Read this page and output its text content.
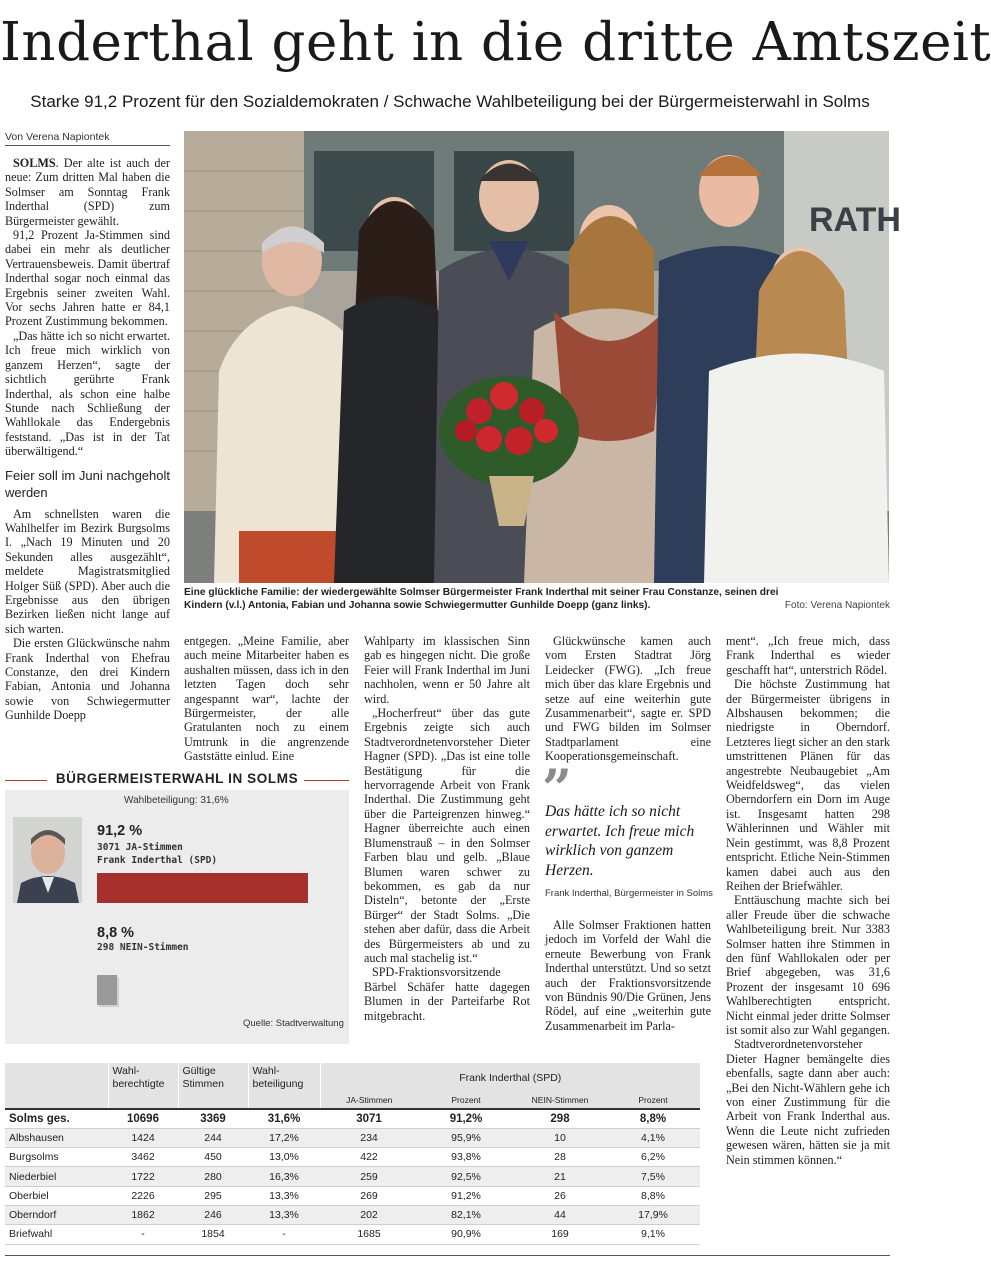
Inderthal geht in die dritte Amtszeit
Starke 91,2 Prozent für den Sozialdemokraten / Schwache Wahlbeteiligung bei der Bürgermeisterwahl in Solms
Von Verena Napiontek

SOLMS. Der alte ist auch der neue: Zum dritten Mal haben die Solmser am Sonntag Frank Inderthal (SPD) zum Bürgermeister gewählt.

91,2 Prozent Ja-Stimmen sind dabei ein mehr als deutlicher Vertrauensbeweis. Damit übertraf Inderthal sogar noch einmal das Ergebnis seiner zweiten Wahl. Vor sechs Jahren hatte er 84,1 Prozent Zustimmung bekommen.

„Das hätte ich so nicht erwartet. Ich freue mich wirklich von ganzem Herzen“, sagte der sichtlich gerührte Frank Inderthal, als schon eine halbe Stunde nach Schließung der Wahllokale das Endergebnis feststand. „Das ist in der Tat überwältigend.“

Feier soll im Juni nachgeholt werden

Am schnellsten waren die Wahlhelfer im Bezirk Burgsolms I. „Nach 19 Minuten und 20 Sekunden alles ausgezählt“, meldete Magistratsmitglied Holger Süß (SPD). Aber auch die Ergebnisse aus den übrigen Bezirken ließen nicht lange auf sich warten.

Die ersten Glückwünsche nahm Frank Inderthal von Ehefrau Constanze, den drei Kindern Fabian, Antonia und Johanna sowie von Schwiegermutter Gunhilde Doepp

RATH
Eine glückliche Familie: der wiedergewählte Solmser Bürgermeister Frank Inderthal mit seiner Frau Constanze, seinen drei Kindern (v.l.) Antonia, Fabian und Johanna sowie Schwiegermutter Gunhilde Doepp (ganz links).	Foto: Verena Napiontek

entgegen. „Meine Familie, aber auch meine Mitarbeiter haben es aushalten müssen, dass ich in den letzten Tagen doch sehr angespannt war“, lachte der Bürgermeister, der alle Gratulanten noch zu einem Umtrunk in die angrenzende Gaststätte einlud. Eine

Wahlparty im klassischen Sinn gab es hingegen nicht. Die große Feier will Frank Inderthal im Juni nachholen, wenn er 50 Jahre alt wird.

„Hocherfreut“ über das gute Ergebnis zeigte sich auch Stadtverordnetenvorsteher Dieter Hagner (SPD). „Das ist eine tolle Bestätigung für die hervorragende Arbeit von Frank Inderthal. Die Zustimmung geht über die Parteigrenzen hinweg.“ Hagner überreichte auch einen Blumenstrauß – in den Solmser Farben blau und gelb. „Blaue Blumen waren schwer zu bekommen, es gab da nur Disteln“, betonte der „Erste Bürger“ der Stadt Solms. „Die stehen aber dafür, dass die Arbeit des Bürgermeisters ab und zu auch mal stachelig ist.“

SPD-Fraktionsvorsitzende Bärbel Schäfer hatte dagegen Blumen in der Parteifarbe Rot mitgebracht.

Glückwünsche kamen auch vom Ersten Stadtrat Jörg Leidecker (FWG). „Ich freue mich über das klare Ergebnis und setze auf eine weiterhin gute Zusammenarbeit“, sagte er. SPD und FWG bilden im Solmser Stadtparlament eine Kooperationsgemeinschaft.

”
Das hätte ich so nicht erwartet. Ich freue mich wirklich von ganzem Herzen.
Frank Inderthal, Bürgermeister in Solms

Alle Solmser Fraktionen hatten jedoch im Vorfeld der Wahl die erneute Bewerbung von Frank Inderthal unterstützt. Und so setzt auch der Fraktionsvorsitzende von Bündnis 90/Die Grünen, Jens Rödel, auf eine „weiterhin gute Zusammenarbeit im Parla-

ment“. „Ich freue mich, dass Frank Inderthal es wieder geschafft hat“, unterstrich Rödel.

Die höchste Zustimmung hat der Bürgermeister übrigens in Albshausen bekommen; die niedrigste in Oberndorf. Letzteres liegt sicher an den stark umstrittenen Plänen für das angestrebte Neubaugebiet „Am Weidfeldsweg“, das vielen Oberndorfern ein Dorn im Auge ist. Insgesamt hatten 298 Wählerinnen und Wähler mit Nein gestimmt, was 8,8 Prozent entspricht. Etliche Nein-Stimmen kamen dabei auch aus den Reihen der Briefwähler.

Enttäuschung machte sich bei aller Freude über die schwache Wahlbeteiligung breit. Nur 3383 Solmser hatten ihre Stimmen in den fünf Wahllokalen oder per Brief abgegeben, was 31,6 Prozent der insgesamt 10 696 Wahlberechtigten entspricht. Nicht einmal jeder dritte Solmser ist somit also zur Wahl gegangen.

Stadtverordnetenvorsteher Dieter Hagner bemängelte dies ebenfalls, sagte dann aber auch: „Bei den Nicht-Wählern gehe ich von einer Zustimmung für die Arbeit von Frank Inderthal aus. Wenn die Leute nicht zufrieden gewesen wären, hätten sie ja mit Nein stimmen können.“

BÜRGERMEISTERWAHL IN SOLMS
Wahlbeteiligung: 31,6%
91,2 %
3071 JA-Stimmen
Frank Inderthal (SPD)
8,8 %
298 NEIN-Stimmen
Quelle: Stadtverwaltung
	Wahl-berechtigte	Gültige Stimmen	Wahl-beteiligung	Frank Inderthal (SPD)			
				JA-Stimmen	Prozent	NEIN-Stimmen	Prozent
Solms ges.	10696	3369	31,6%	3071	91,2%	298	8,8%
Albshausen	1424	244	17,2%	234	95,9%	10	4,1%
Burgsolms	3462	450	13,0%	422	93,8%	28	6,2%
Niederbiel	1722	280	16,3%	259	92,5%	21	7,5%
Oberbiel	2226	295	13,3%	269	91,2%	26	8,8%
Oberndorf	1862	246	13,3%	202	82,1%	44	17,9%
Briefwahl	-	1854	-	1685	90,9%	169	9,1%
